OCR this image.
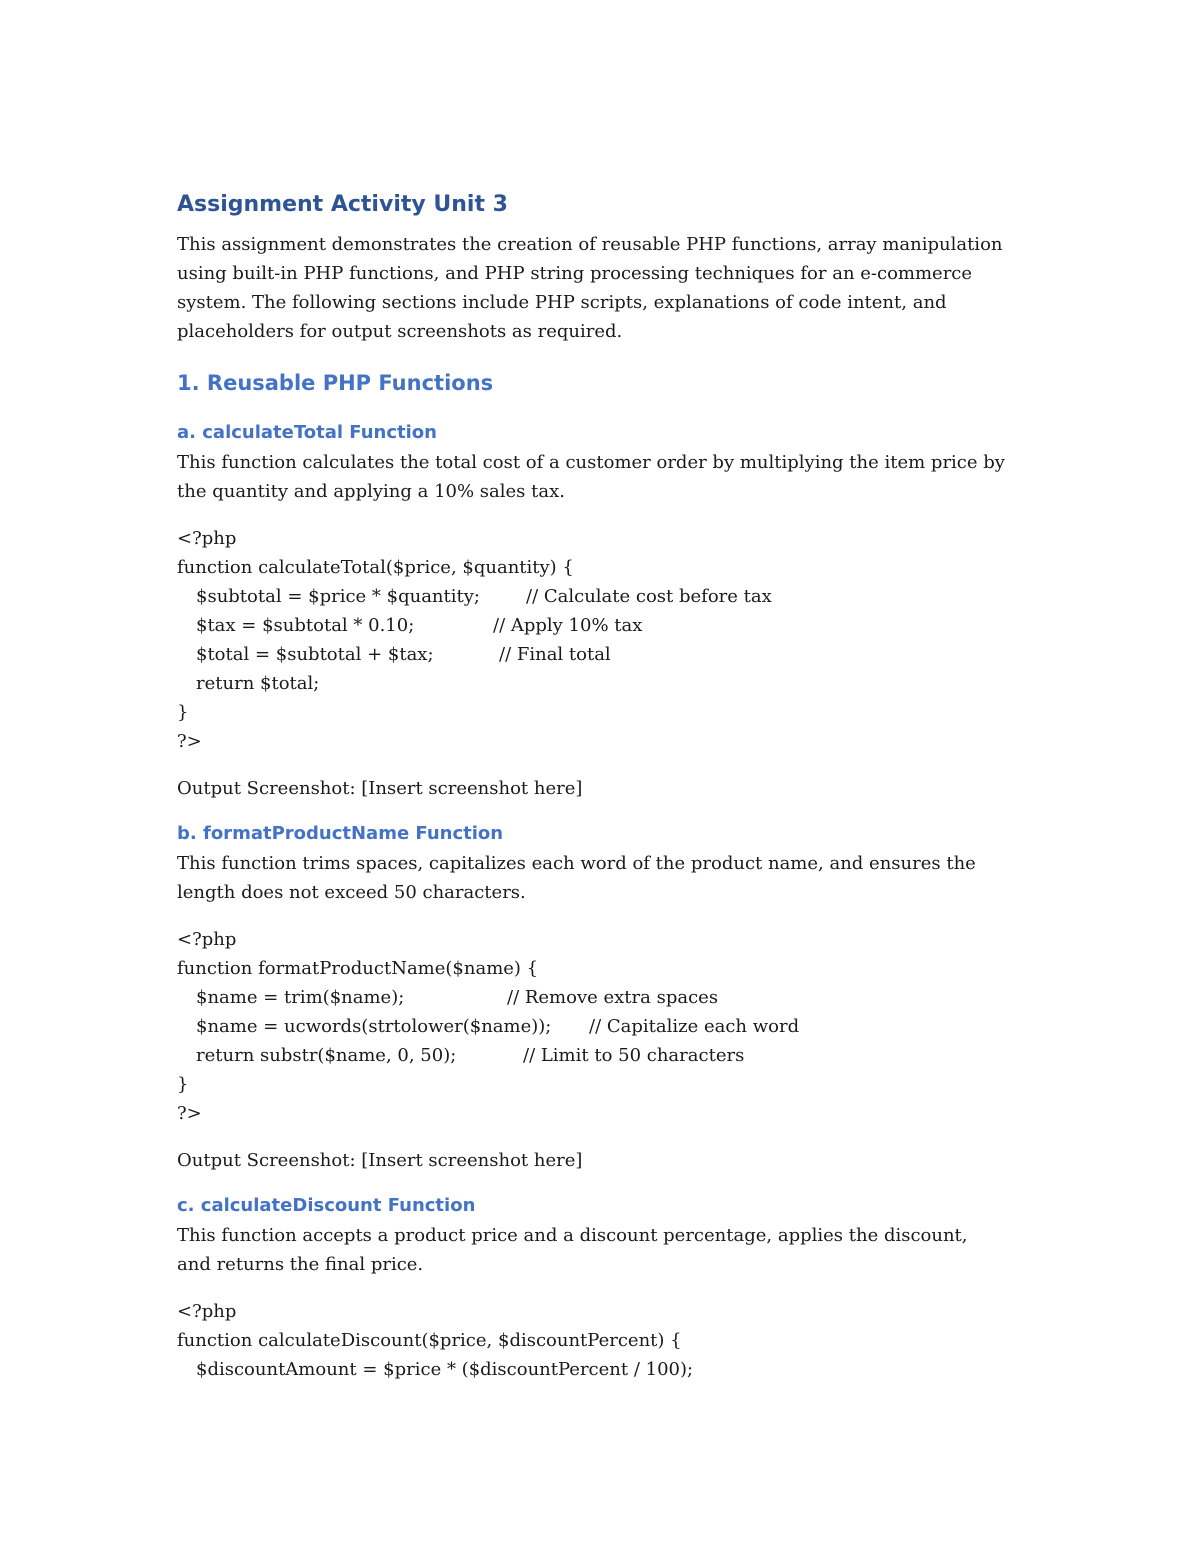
Assignment Activity Unit 3
This assignment demonstrates the creation of reusable PHP functions, array manipulation using built-in PHP functions, and PHP string processing techniques for an e-commerce system. The following sections include PHP scripts, explanations of code intent, and placeholders for output screenshots as required.
1. Reusable PHP Functions
a. calculateTotal Function
This function calculates the total cost of a customer order by multiplying the item price by the quantity and applying a 10% sales tax.
<?php
function calculateTotal($price, $quantity) {
$subtotal = $price * $quantity;	// Calculate cost before tax
$tax = $subtotal * 0.10;	// Apply 10% tax
$total = $subtotal + $tax;	// Final total
return $total;
}
?>
Output Screenshot: [Insert screenshot here]
b. formatProductName Function
This function trims spaces, capitalizes each word of the product name, and ensures the length does not exceed 50 characters.
<?php
function formatProductName($name) {
$name = trim($name);	// Remove extra spaces
$name = ucwords(strtolower($name)); // Capitalize each word
return substr($name, 0, 50);	// Limit to 50 characters
}
?>
Output Screenshot: [Insert screenshot here]
c. calculateDiscount Function
This function accepts a product price and a discount percentage, applies the discount, and returns the final price.
<?php
function calculateDiscount($price, $discountPercent) {
$discountAmount = $price * ($discountPercent / 100);
